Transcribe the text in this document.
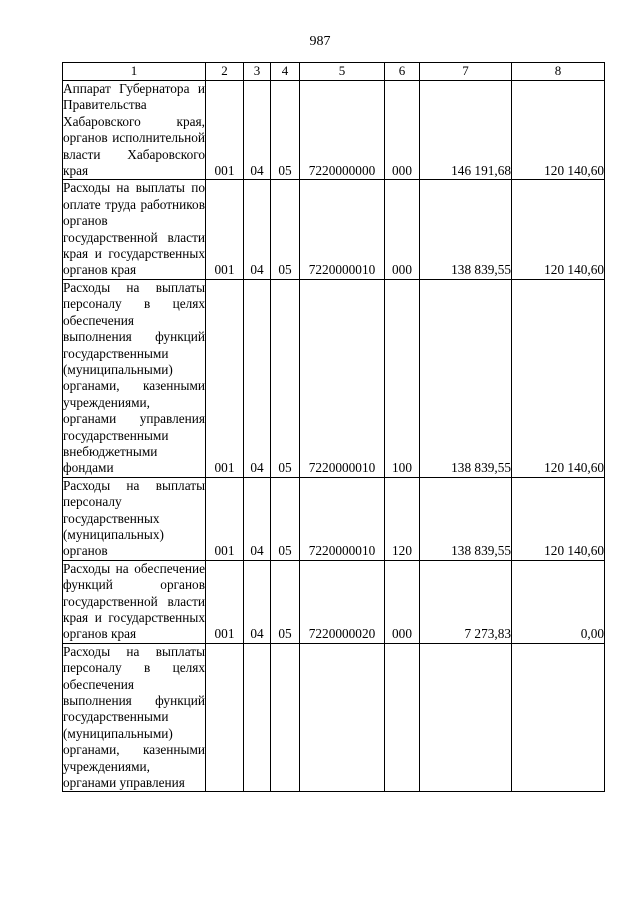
987
1	2	3	4	5	6	7	8
Аппарат Губернатора и Правительства Хабаровского края, органов исполнительной власти Хабаровского края	001	04	05	7220000000	000	146 191,68	120 140,60
Расходы на выплаты по оплате труда работников органов государственной власти края и государственных органов края	001	04	05	7220000010	000	138 839,55	120 140,60
Расходы на выплаты персоналу в целях обеспечения выполнения функций государственными (муниципальными) органами, казенными учреждениями, органами управления государственными внебюджетными фондами	001	04	05	7220000010	100	138 839,55	120 140,60
Расходы на выплаты персоналу государственных (муниципальных) органов	001	04	05	7220000010	120	138 839,55	120 140,60
Расходы на обеспечение функций органов государственной власти края и государственных органов края	001	04	05	7220000020	000	7 273,83	0,00
Расходы на выплаты персоналу в целях обеспечения выполнения функций государственными (муниципальными) органами, казенными учреждениями, органами управления							
